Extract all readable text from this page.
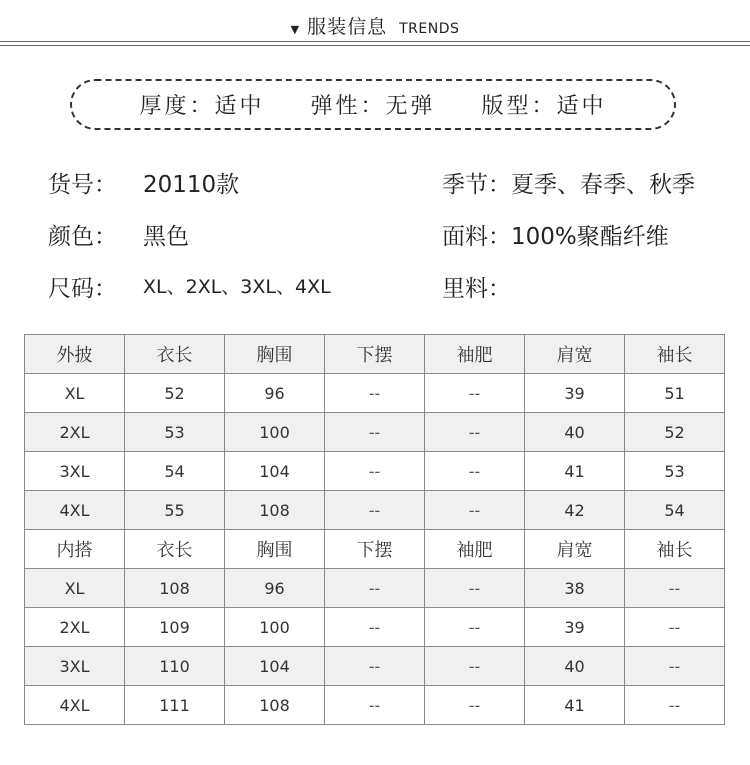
▼ 服装信息 TRENDS
厚度：适中 弹性：无弹 版型：适中
货号： 20110款
颜色： 黑色
尺码： XL、2XL、3XL、4XL
季节：夏季、春季、秋季
面料：100%聚酯纤维
里料：
外披	衣长	胸围	下摆	袖肥	肩宽	袖长
XL	52	96	--	--	39	51
2XL	53	100	--	--	40	52
3XL	54	104	--	--	41	53
4XL	55	108	--	--	42	54
内搭	衣长	胸围	下摆	袖肥	肩宽	袖长
XL	108	96	--	--	38	--
2XL	109	100	--	--	39	--
3XL	110	104	--	--	40	--
4XL	111	108	--	--	41	--
